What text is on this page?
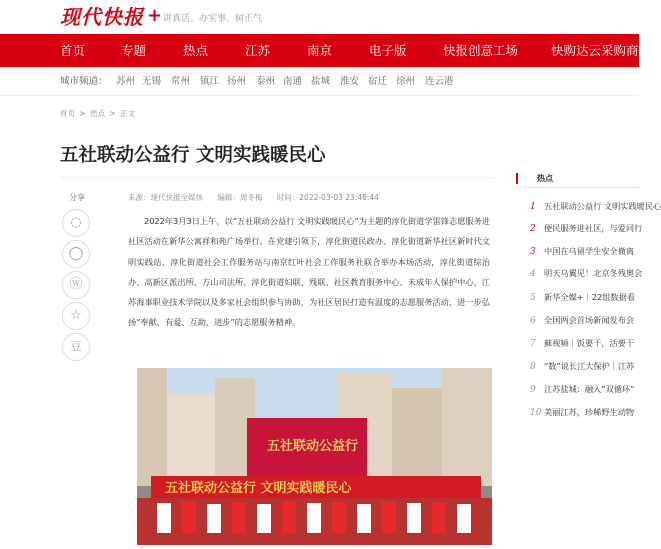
现代快报 + 讲真话、办实事、树正气
首页	专题	热点	江苏	南京	电子版	快报创意工场	快购达云采购商城
城市频道： 苏州 无锡 常州 镇江 扬州 泰州 南通 盐城 淮安 宿迁 徐州 连云港
首页 > 热点 > 正文
五社联动公益行 文明实践暖民心
分享
◌
◯
ⓦ
☆
豆
来源：现代快报全媒体 编辑：周冬梅 时间：2022-03-03 23:48:44
2022年3月3日上午，以“五社联动公益行 文明实践暖民心”为主题的淳化街道学雷锋志愿服务进社区活动在新华公寓祥和苑广场举行。在党建引领下，淳化街道民政办、淳化街道新华社区新时代文明实践站、淳化街道社会工作服务站与南京红叶社会工作服务社联合举办本场活动，淳化街道综治办、高新区派出所、方山司法所、淳化街道妇联、残联、社区教育服务中心、未成年人保护中心、江苏海事职业技术学院以及多家社会组织参与协助，为社区居民打造有温度的志愿服务活动，进一步弘扬“奉献、有爱、互助、进步”的志愿服务精神。
五社联动公益行
五社联动公益行 文明实践暖民心
热点
1 五社联动公益行 文明实践暖民心
2 便民服务进社区，与爱同行
3 中国在乌留学生安全撤离
4 明天乌翼见！北京冬残奥会
5 新华全媒+｜22组数据看
6 全国两会首场新闻发布会
7 蘇视频｜饭要干，活要干
8 “数”说长江大保护｜江苏
9 江苏盐城：融入“双循环”
10 美丽江苏，珍稀野生动物
